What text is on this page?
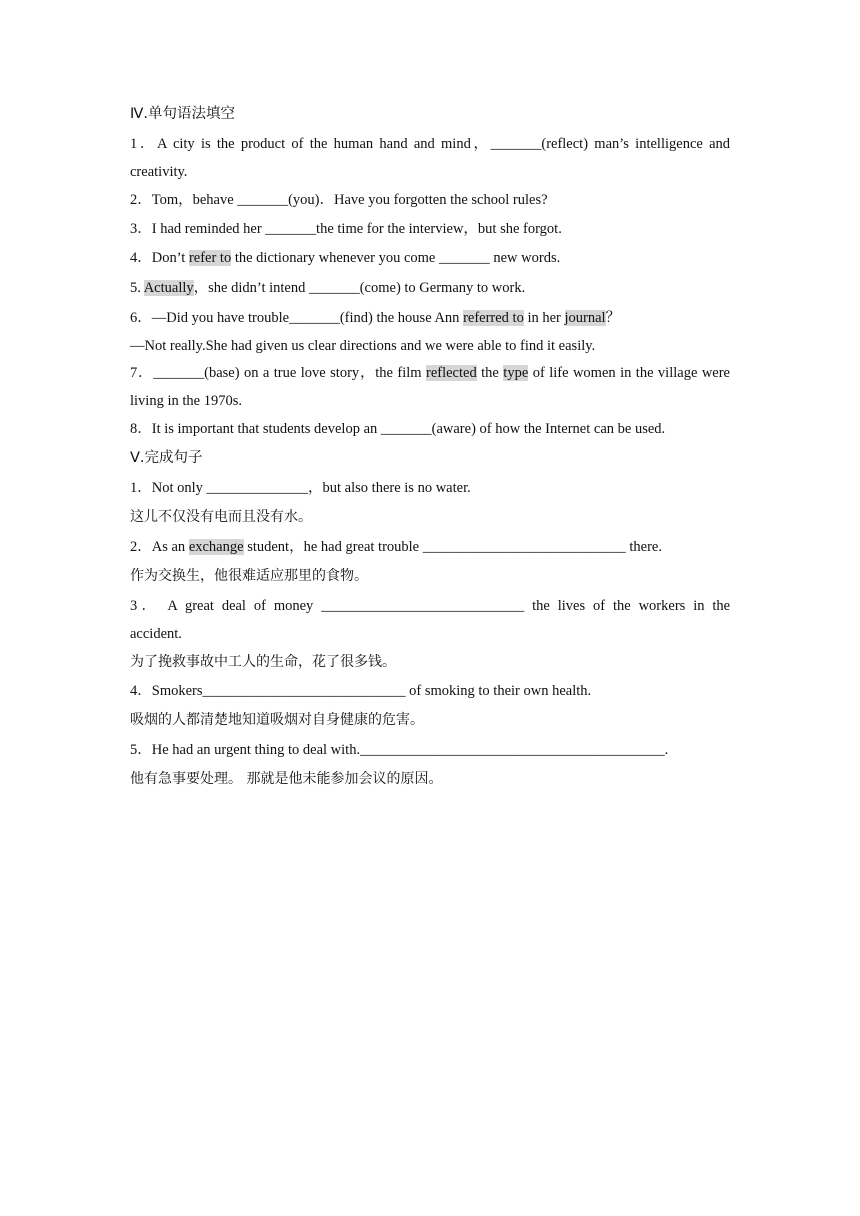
Ⅳ.单句语法填空
1．A city is the product of the human hand and mind，_______(reflect) man’s intelligence and
creativity.
2．Tom，behave _______(you)．Have you forgotten the school rules?
3．I had reminded her _______the time for the interview，but she forgot.
4．Don’t refer to the dictionary whenever you come _______ new words.
5. Actually，she didn’t intend _______(come) to Germany to work.
6．—Did you have trouble_______(find) the house Ann referred to in her journal？
—Not really.She had given us clear directions and we were able to find it easily.
7．_______(base) on a true love story，the film reflected the type of life women in the village were
living in the 1970s.
8．It is important that students develop an _______(aware) of how the Internet can be used.
Ⅴ.完成句子
1．Not only ______________，but also there is no water.
这儿不仅没有电而且没有水。
2．As an exchange student，he had great trouble ____________________________ there.
作为交换生，他很难适应那里的食物。
3． A great deal of money ____________________________ the lives of the workers in the
accident.
为了挽救事故中工人的生命，花了很多钱。
4．Smokers____________________________ of smoking to their own health.
吸烟的人都清楚地知道吸烟对自身健康的危害。
5．He had an urgent thing to deal with.__________________________________________.
他有急事要处理。 那就是他未能参加会议的原因。
